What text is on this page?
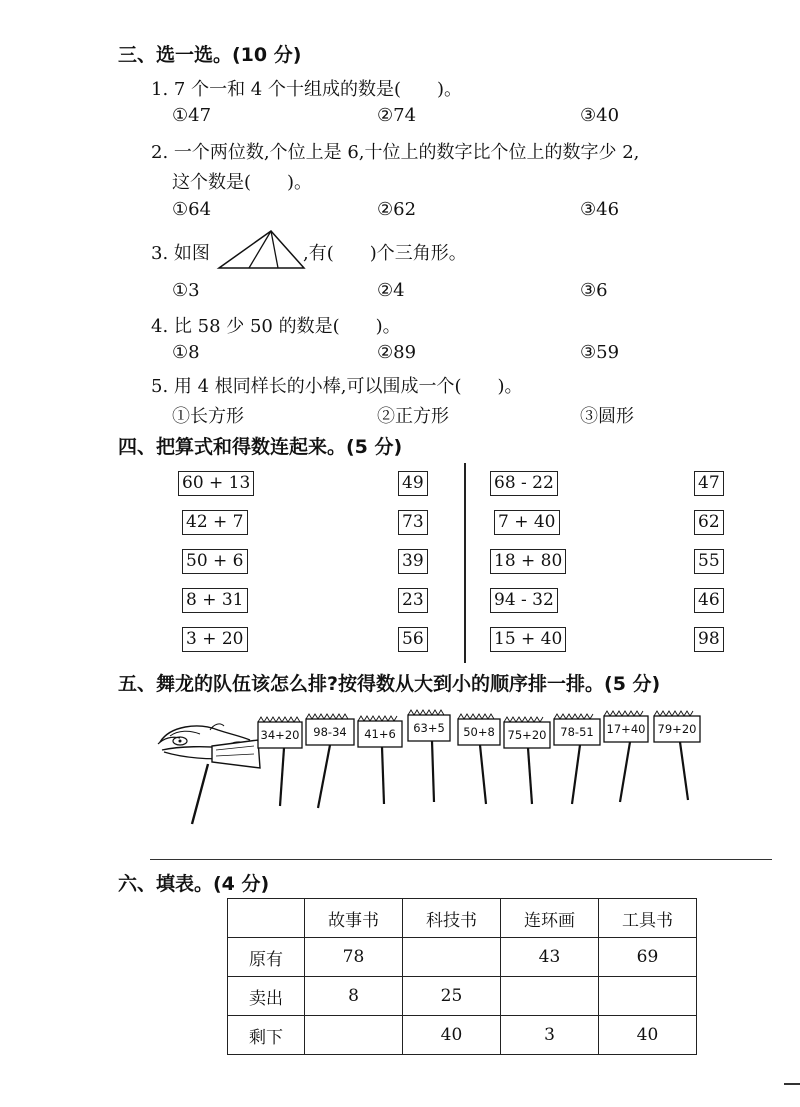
三、选一选。(10 分)
1. 7 个一和 4 个十组成的数是(　　)。
①47	②74	③40
2. 一个两位数,个位上是 6,十位上的数字比个位上的数字少 2,
这个数是(　　)。
①64	②62	③46
3. 如图	,有(　　)个三角形。
①3	②4	③6
4. 比 58 少 50 的数是(　　)。
①8	②89	③59
5. 用 4 根同样长的小棒,可以围成一个(　　)。
①长方形	②正方形	③圆形
四、把算式和得数连起来。(5 分)
60 + 13
42 + 7
50 + 6
8 + 31
3 + 20
49
73
39
23
56
68 - 22
7 + 40
18 + 80
94 - 32
15 + 40
47
62
55
46
98
五、舞龙的队伍该怎么排?按得数从大到小的顺序排一排。(5 分)
34+20 98-34 41+6 63+5 50+8 75+20 78-51 17+40 79+20
六、填表。(4 分)
	故事书	科技书	连环画	工具书
原有	78		43	69
卖出	8	25		
剩下		40	3	40
